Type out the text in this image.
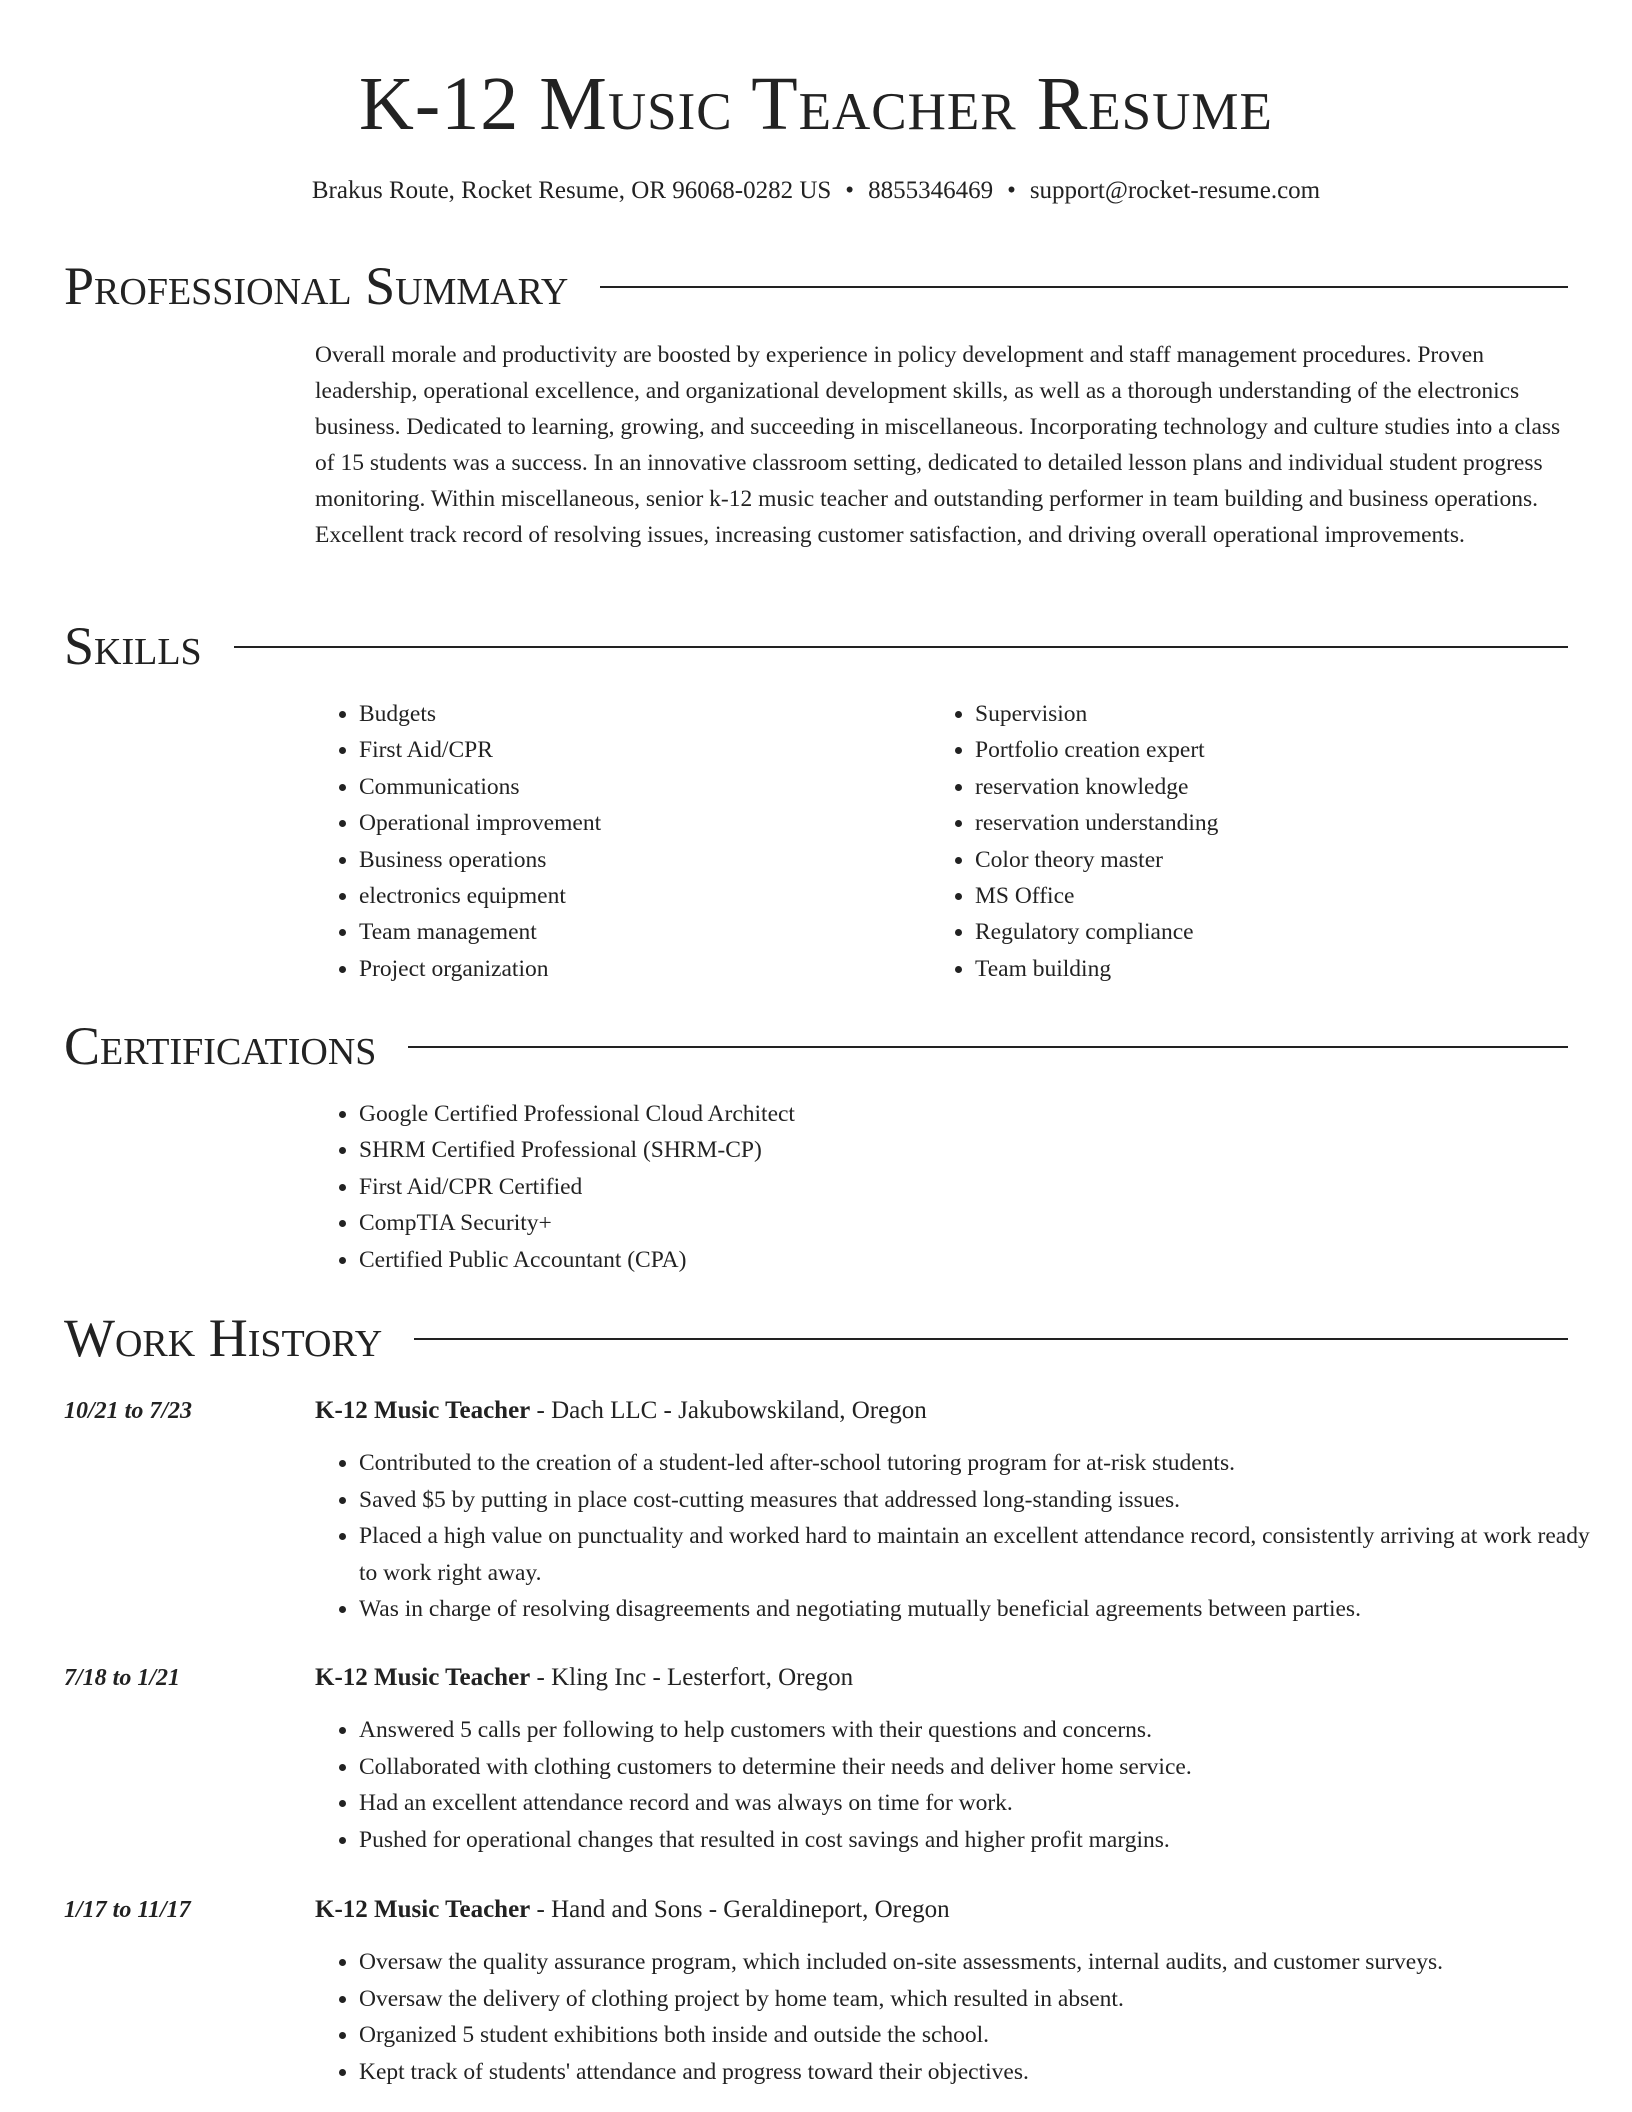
K-12 Music Teacher Resume
Brakus Route, Rocket Resume, OR 96068-0282 US • 8855346469 • support@rocket-resume.com
Professional Summary
Overall morale and productivity are boosted by experience in policy development and staff management procedures. Proven leadership, operational excellence, and organizational development skills, as well as a thorough understanding of the electronics business. Dedicated to learning, growing, and succeeding in miscellaneous. Incorporating technology and culture studies into a class of 15 students was a success. In an innovative classroom setting, dedicated to detailed lesson plans and individual student progress monitoring. Within miscellaneous, senior k-12 music teacher and outstanding performer in team building and business operations. Excellent track record of resolving issues, increasing customer satisfaction, and driving overall operational improvements.
Skills
• Budgets
• First Aid/CPR
• Communications
• Operational improvement
• Business operations
• electronics equipment
• Team management
• Project organization
• Supervision
• Portfolio creation expert
• reservation knowledge
• reservation understanding
• Color theory master
• MS Office
• Regulatory compliance
• Team building
Certifications
• Google Certified Professional Cloud Architect
• SHRM Certified Professional (SHRM-CP)
• First Aid/CPR Certified
• CompTIA Security+
• Certified Public Accountant (CPA)
Work History
10/21 to 7/23	K-12 Music Teacher - Dach LLC - Jakubowskiland, Oregon
• Contributed to the creation of a student-led after-school tutoring program for at-risk students.
• Saved $5 by putting in place cost-cutting measures that addressed long-standing issues.
• Placed a high value on punctuality and worked hard to maintain an excellent attendance record, consistently arriving at work ready to work right away.
• Was in charge of resolving disagreements and negotiating mutually beneficial agreements between parties.
7/18 to 1/21	K-12 Music Teacher - Kling Inc - Lesterfort, Oregon
• Answered 5 calls per following to help customers with their questions and concerns.
• Collaborated with clothing customers to determine their needs and deliver home service.
• Had an excellent attendance record and was always on time for work.
• Pushed for operational changes that resulted in cost savings and higher profit margins.
1/17 to 11/17	K-12 Music Teacher - Hand and Sons - Geraldineport, Oregon
• Oversaw the quality assurance program, which included on-site assessments, internal audits, and customer surveys.
• Oversaw the delivery of clothing project by home team, which resulted in absent.
• Organized 5 student exhibitions both inside and outside the school.
• Kept track of students' attendance and progress toward their objectives.
